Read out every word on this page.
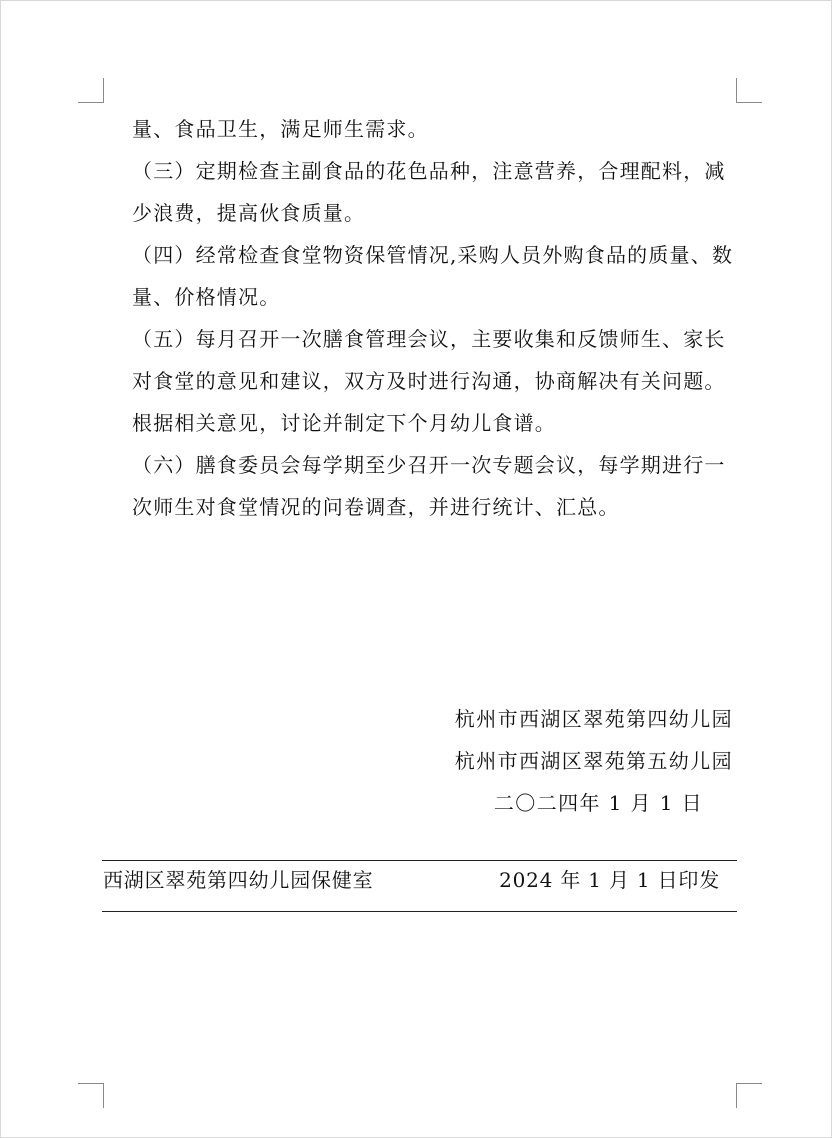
量、食品卫生，满足师生需求。

（三）定期检查主副食品的花色品种，注意营养，合理配料，减少浪费，提高伙食质量。

（四）经常检查食堂物资保管情况,采购人员外购食品的质量、数量、价格情况。

（五）每月召开一次膳食管理会议，主要收集和反馈师生、家长对食堂的意见和建议，双方及时进行沟通，协商解决有关问题。根据相关意见，讨论并制定下个月幼儿食谱。

（六）膳食委员会每学期至少召开一次专题会议，每学期进行一次师生对食堂情况的问卷调查，并进行统计、汇总。

杭州市西湖区翠苑第四幼儿园
杭州市西湖区翠苑第五幼儿园
二〇二四年 1 月 1 日
西湖区翠苑第四幼儿园保健室	2024 年 1 月 1 日印发
